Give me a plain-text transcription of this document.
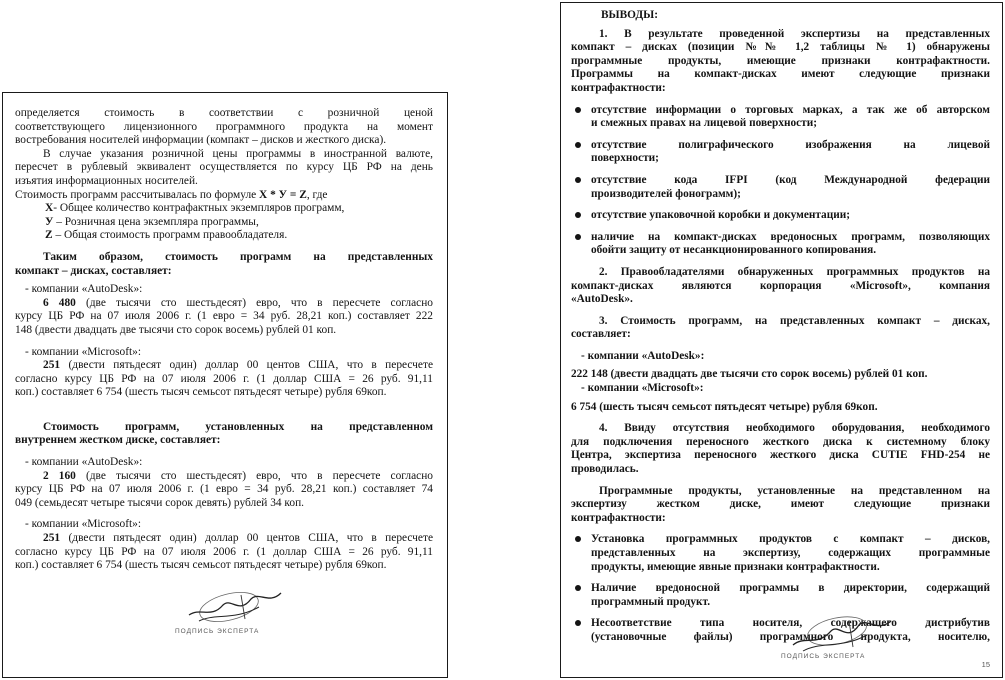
определяется стоимость в соответствии с розничной ценой

соответствующего лицензионного программного продукта на момент

востребования носителей информации (компакт – дисков и жесткого диска).

В случае указания розничной цены программы в иностранной валюте,

пересчет в рублевый эквивалент осуществляется по курсу ЦБ РФ на день

изъятия информационных носителей.

Стоимость программ рассчитывалась по формуле X * У = Z, где

X- Общее количество контрафактных экземпляров программ,

У – Розничная цена экземпляра программы,

Z – Общая стоимость программ правообладателя.

Таким образом, стоимость программ на представленных

компакт – дисках, составляет:

- компании «AutoDesk»:

6 480 (две тысячи сто шестьдесят) евро, что в пересчете согласно

курсу ЦБ РФ на 07 июля 2006 г. (1 евро = 34 руб. 28,21 коп.) составляет 222

148 (двести двадцать две тысячи сто сорок восемь) рублей 01 коп.

- компании «Microsoft»:

251 (двести пятьдесят один) доллар 00 центов США, что в пересчете

согласно курсу ЦБ РФ на 07 июля 2006 г. (1 доллар США = 26 руб. 91,11

коп.) составляет 6 754 (шесть тысяч семьсот пятьдесят четыре) рубля 69коп.

Стоимость программ, установленных на представленном

внутреннем жестком диске, составляет:

- компании «AutoDesk»:

2 160 (две тысячи сто шестьдесят) евро, что в пересчете согласно

курсу ЦБ РФ на 07 июля 2006 г. (1 евро = 34 руб. 28,21 коп.) составляет 74

049 (семьдесят четыре тысячи сорок девять) рублей 34 коп.

- компании «Microsoft»:

251 (двести пятьдесят один) доллар 00 центов США, что в пересчете

согласно курсу ЦБ РФ на 07 июля 2006 г. (1 доллар США = 26 руб. 91,11

коп.) составляет 6 754 (шесть тысяч семьсот пятьдесят четыре) рубля 69коп.

ПОДПИСЬ ЭКСПЕРТА

ВЫВОДЫ:

1. В результате проведенной экспертизы на представленных

компакт – дисках (позиции №№ 1,2 таблицы № 1) обнаружены

программные продукты, имеющие признаки контрафактности.

Программы на компакт-дисках имеют следующие признаки

контрафактности:

отсутствие информации о торговых марках, а так же об авторском

и смежных правах на лицевой поверхности;

отсутствие полиграфического изображения на лицевой

поверхности;

отсутствие кода IFPI (код Международной федерации

производителей фонограмм);

отсутствие упаковочной коробки и документации;

наличие на компакт-дисках вредоносных программ, позволяющих

обойти защиту от несанкционированного копирования.

2. Правообладателями обнаруженных программных продуктов на

компакт-дисках являются корпорация «Microsoft», компания

«AutoDesk».

3. Стоимость программ, на представленных компакт – дисках,

составляет:

- компании «AutoDesk»:

222 148 (двести двадцать две тысячи сто сорок восемь) рублей 01 коп.

- компании «Microsoft»:

6 754 (шесть тысяч семьсот пятьдесят четыре) рубля 69коп.

4. Ввиду отсутствия необходимого оборудования, необходимого

для подключения переносного жесткого диска к системному блоку

Центра, экспертиза переносного жесткого диска CUTIE FHD-254 не

проводилась.

Программные продукты, установленные на представленном на

экспертизу жестком диске, имеют следующие признаки

контрафактности:

Установка программных продуктов с компакт – дисков,

представленных на экспертизу, содержащих программные

продукты, имеющие явные признаки контрафактности.

Наличие вредоносной программы в директории, содержащий

программный продукт.

Несоответствие типа носителя, содержащего дистрибутив

(установочные файлы) программного продукта, носителю,

ПОДПИСЬ ЭКСПЕРТА
15
